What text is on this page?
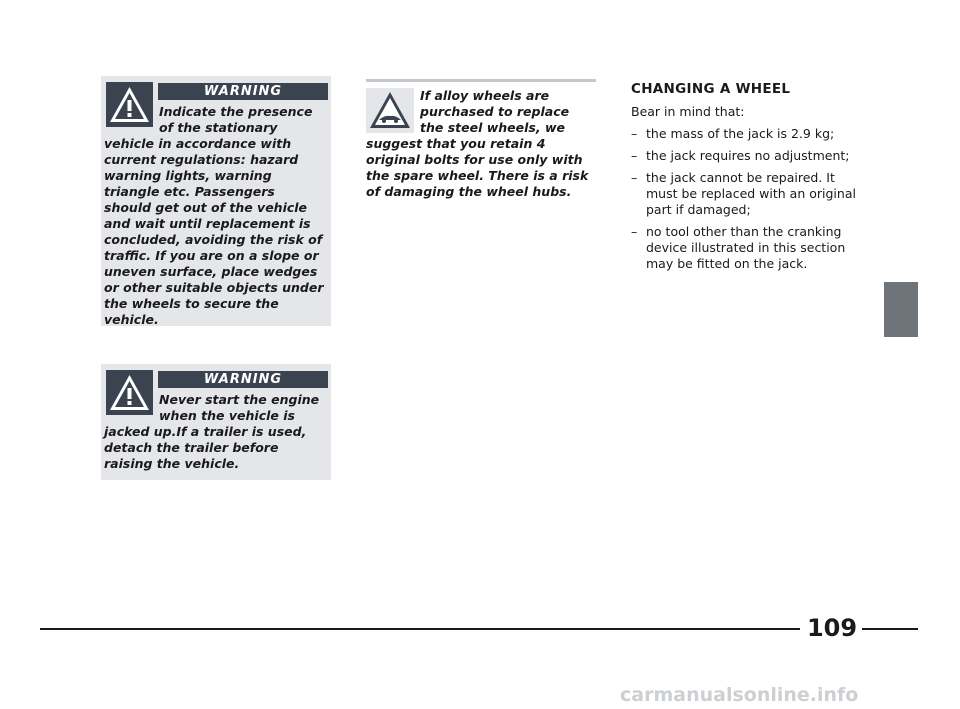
WARNING

Indicate the presence of the stationary vehicle in accordance with current regulations: hazard warning lights, warning triangle etc. Passengers should get out of the vehicle and wait until replacement is concluded, avoiding the risk of traffic. If you are on a slope or uneven surface, place wedges or other suitable objects under the wheels to secure the vehicle.

WARNING

Never start the engine when the vehicle is jacked up.If a trailer is used, detach the trailer before raising the vehicle.

If alloy wheels are purchased to replace the steel wheels, we suggest that you retain 4 original bolts for use only with the spare wheel. There is a risk of damaging the wheel hubs.

CHANGING A WHEEL

Bear in mind that:

– the mass of the jack is 2.9 kg;
– the jack requires no adjustment;
– the jack cannot be repaired. It must be replaced with an original part if damaged;
– no tool other than the cranking device illustrated in this section may be fitted on the jack.
109
carmanualsonline.info
